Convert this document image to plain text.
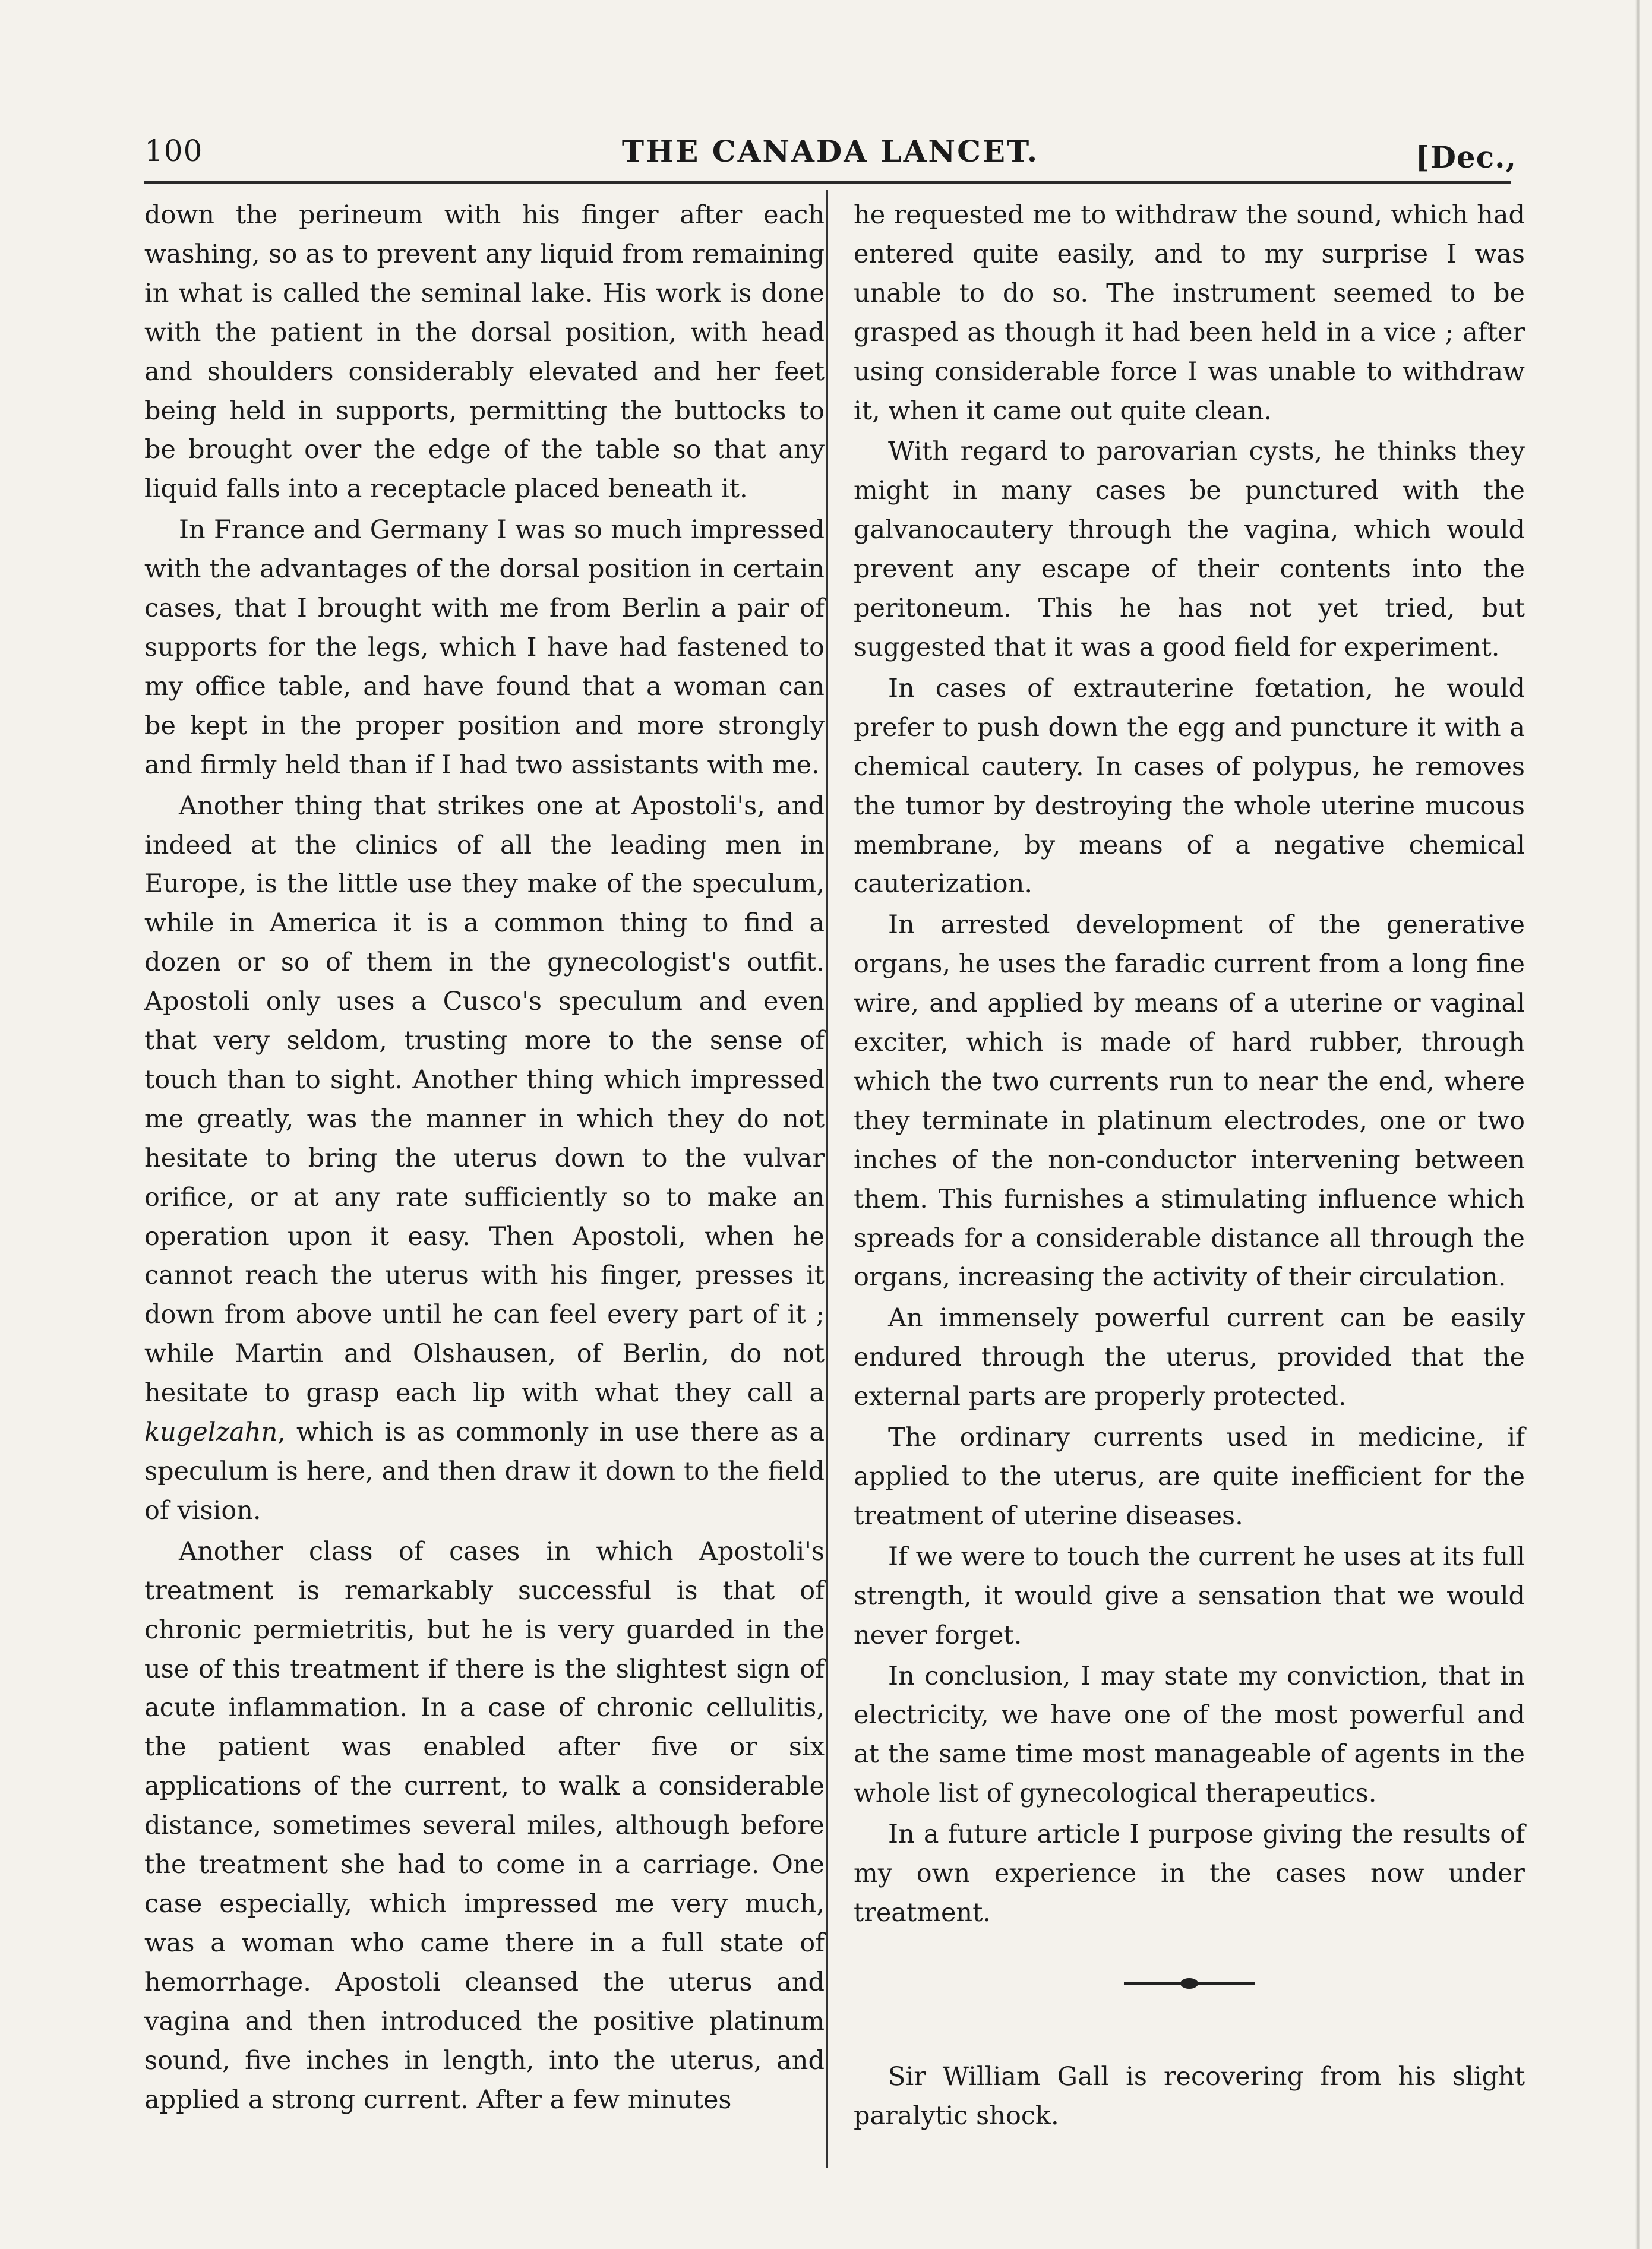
100	THE CANADA LANCET.	[Dec.,

down the perineum with his finger after each washing, so as to prevent any liquid from remaining in what is called the seminal lake. His work is done with the patient in the dorsal position, with head and shoulders considerably elevated and her feet being held in supports, permitting the buttocks to be brought over the edge of the table so that any liquid falls into a receptacle placed beneath it.

In France and Germany I was so much impressed with the advantages of the dorsal position in certain cases, that I brought with me from Berlin a pair of supports for the legs, which I have had fastened to my office table, and have found that a woman can be kept in the proper position and more strongly and firmly held than if I had two assistants with me.

Another thing that strikes one at Apostoli's, and indeed at the clinics of all the leading men in Europe, is the little use they make of the speculum, while in America it is a common thing to find a dozen or so of them in the gynecologist's outfit. Apostoli only uses a Cusco's speculum and even that very seldom, trusting more to the sense of touch than to sight. Another thing which impressed me greatly, was the manner in which they do not hesitate to bring the uterus down to the vulvar orifice, or at any rate sufficiently so to make an operation upon it easy. Then Apostoli, when he cannot reach the uterus with his finger, presses it down from above until he can feel every part of it ; while Martin and Olshausen, of Berlin, do not hesitate to grasp each lip with what they call a kugelzahn, which is as commonly in use there as a speculum is here, and then draw it down to the field of vision.

Another class of cases in which Apostoli's treatment is remarkably successful is that of chronic permietritis, but he is very guarded in the use of this treatment if there is the slightest sign of acute inflammation. In a case of chronic cellulitis, the patient was enabled after five or six applications of the current, to walk a considerable distance, sometimes several miles, although before the treatment she had to come in a carriage. One case especially, which impressed me very much, was a woman who came there in a full state of hemorrhage. Apostoli cleansed the uterus and vagina and then introduced the positive platinum sound, five inches in length, into the uterus, and applied a strong current. After a few minutes

he requested me to withdraw the sound, which had entered quite easily, and to my surprise I was unable to do so. The instrument seemed to be grasped as though it had been held in a vice ; after using considerable force I was unable to withdraw it, when it came out quite clean.

With regard to parovarian cysts, he thinks they might in many cases be punctured with the galvanocautery through the vagina, which would prevent any escape of their contents into the peritoneum. This he has not yet tried, but suggested that it was a good field for experiment.

In cases of extrauterine fœtation, he would prefer to push down the egg and puncture it with a chemical cautery. In cases of polypus, he removes the tumor by destroying the whole uterine mucous membrane, by means of a negative chemical cauterization.

In arrested development of the generative organs, he uses the faradic current from a long fine wire, and applied by means of a uterine or vaginal exciter, which is made of hard rubber, through which the two currents run to near the end, where they terminate in platinum electrodes, one or two inches of the non-conductor intervening between them. This furnishes a stimulating influence which spreads for a considerable distance all through the organs, increasing the activity of their circulation.

An immensely powerful current can be easily endured through the uterus, provided that the external parts are properly protected.

The ordinary currents used in medicine, if applied to the uterus, are quite inefficient for the treatment of uterine diseases.

If we were to touch the current he uses at its full strength, it would give a sensation that we would never forget.

In conclusion, I may state my conviction, that in electricity, we have one of the most powerful and at the same time most manageable of agents in the whole list of gynecological therapeutics.

In a future article I purpose giving the results of my own experience in the cases now under treatment.

Sir William Gall is recovering from his slight paralytic shock.
